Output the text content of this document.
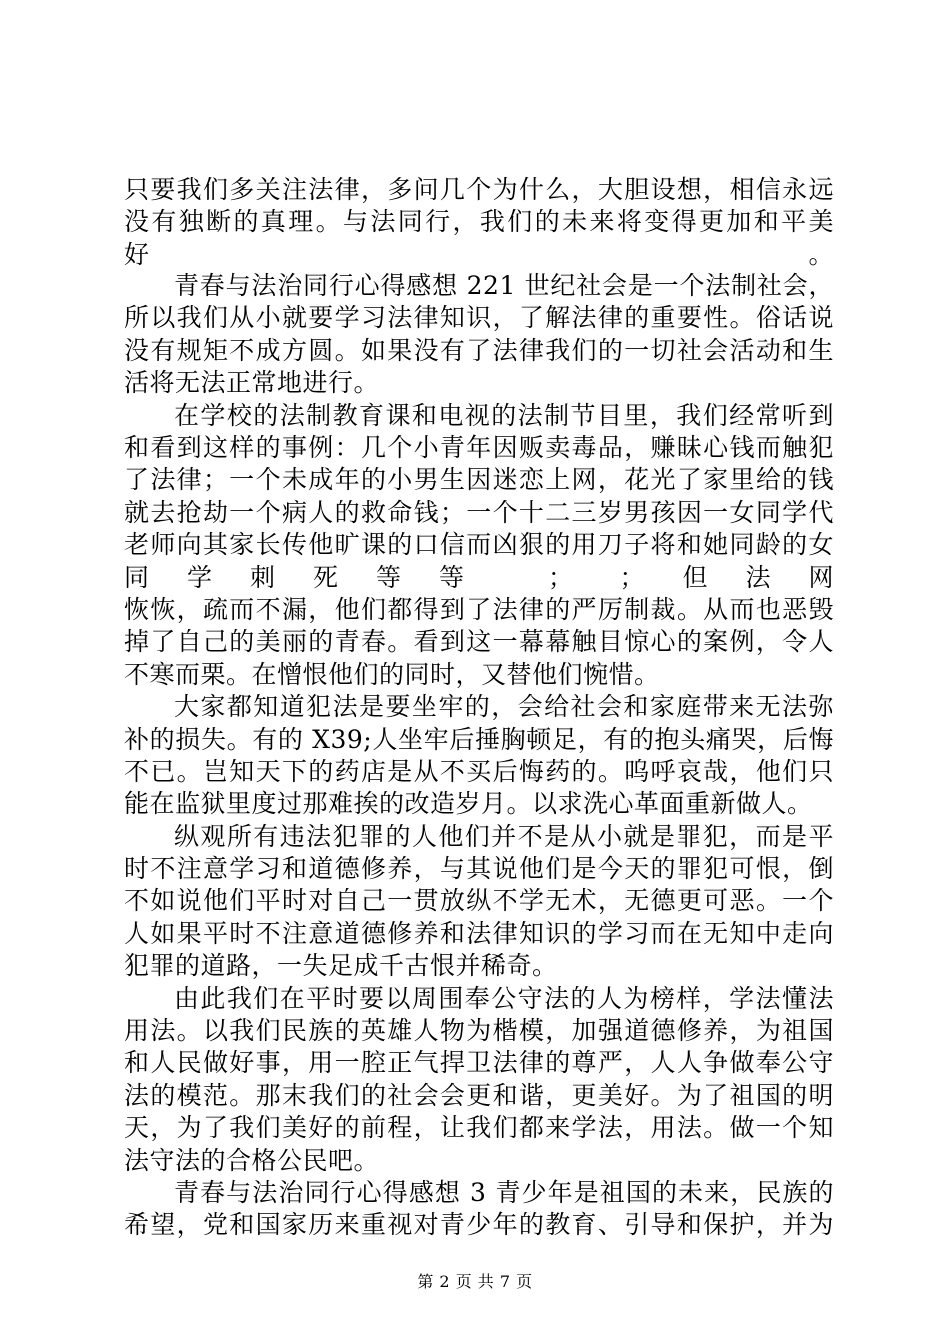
只要我们多关注法律，多问几个为什么，大胆设想，相信永远
没有独断的真理。与法同行，我们的未来将变得更加和平美好。
青春与法治同行心得感想 221 世纪社会是一个法制社会，
所以我们从小就要学习法律知识，了解法律的重要性。俗话说
没有规矩不成方圆。如果没有了法律我们的一切社会活动和生
活将无法正常地进行。
在学校的法制教育课和电视的法制节目里，我们经常听到
和看到这样的事例：几个小青年因贩卖毒品，赚昧心钱而触犯
了法律；一个未成年的小男生因迷恋上网，花光了家里给的钱
就去抢劫一个病人的救命钱；一个十二三岁男孩因一女同学代
老师向其家长传他旷课的口信而凶狠的用刀子将和她同龄的女
同学刺死等等 ； ；但法网
恢恢，疏而不漏，他们都得到了法律的严厉制裁。从而也恶毁
掉了自己的美丽的青春。看到这一幕幕触目惊心的案例，令人
不寒而栗。在憎恨他们的同时，又替他们惋惜。
大家都知道犯法是要坐牢的，会给社会和家庭带来无法弥
补的损失。有的 X39;人坐牢后捶胸顿足，有的抱头痛哭，后悔
不已。岂知天下的药店是从不买后悔药的。呜呼哀哉，他们只
能在监狱里度过那难挨的改造岁月。以求洗心革面重新做人。
纵观所有违法犯罪的人他们并不是从小就是罪犯，而是平
时不注意学习和道德修养，与其说他们是今天的罪犯可恨，倒
不如说他们平时对自己一贯放纵不学无术，无德更可恶。一个
人如果平时不注意道德修养和法律知识的学习而在无知中走向
犯罪的道路，一失足成千古恨并稀奇。
由此我们在平时要以周围奉公守法的人为榜样，学法懂法
用法。以我们民族的英雄人物为楷模，加强道德修养，为祖国
和人民做好事，用一腔正气捍卫法律的尊严，人人争做奉公守
法的模范。那末我们的社会会更和谐，更美好。为了祖国的明
天，为了我们美好的前程，让我们都来学法，用法。做一个知
法守法的合格公民吧。
青春与法治同行心得感想 3 青少年是祖国的未来，民族的
希望，党和国家历来重视对青少年的教育、引导和保护，并为
第 2 页 共 7 页
